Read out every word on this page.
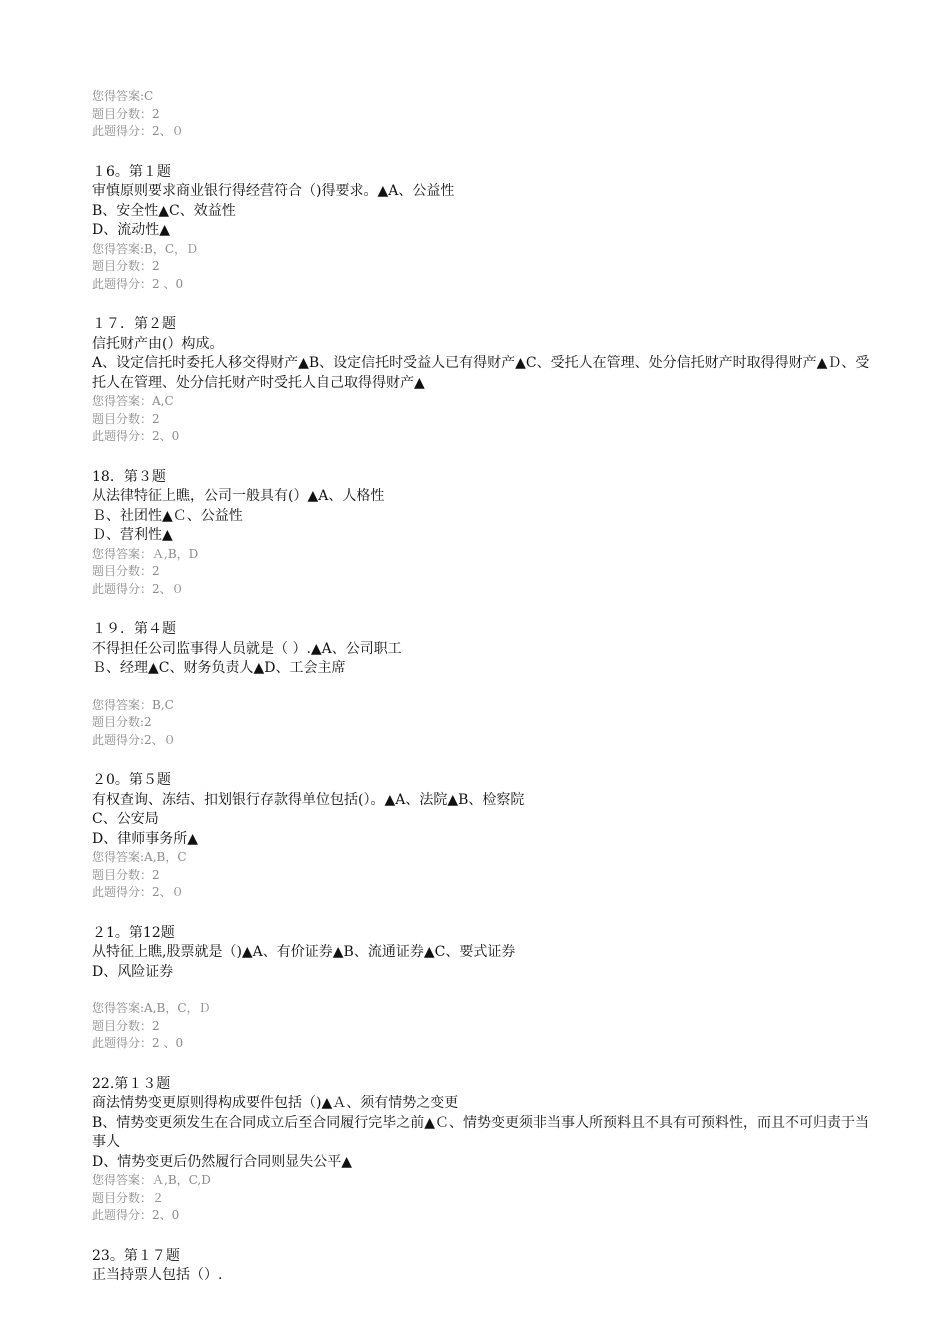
您得答案:C
题目分数：2
此题得分：2、０
１6。第１题
审慎原则要求商业银行得经营符合（)得要求。▲A、公益性
B、安全性▲C、效益性
D、流动性▲
您得答案:B，C，Ｄ
题目分数：2
此题得分：2 、0
１７．第２题
信托财产由(）构成。
A、设定信托时委托人移交得财产▲B、设定信托时受益人已有得财产▲C、受托人在管理、处分信托财产时取得得财产▲Ｄ、受托人在管理、处分信托财产时受托人自己取得得财产▲
您得答案：A,C
题目分数：2
此题得分：2、0
18．第３题
从法律特征上瞧，公司一般具有(）▲A、人格性
Ｂ、社团性▲Ｃ、公益性
Ｄ、营利性▲
您得答案：Ａ,B，D
题目分数：2
此题得分：2、０
１９．第４题
不得担任公司监事得人员就是（ ）.▲A、公司职工
Ｂ、经理▲C、财务负责人▲D、工会主席
您得答案：B,C
题目分数:2
此题得分:2、０
２0。第５题
有权查询、冻结、扣划银行存款得单位包括(）。▲A、法院▲B、检察院
C、公安局
D、律师事务所▲
您得答案:A,B，C
题目分数：2
此题得分：2、０
２1。第12题
从特征上瞧,股票就是（)▲A、有价证券▲B、流通证券▲C、要式证券
D、风险证券
您得答案:A,B，C，Ｄ
题目分数：2
此题得分：2 、0
22.第１３题
商法情势变更原则得构成要件包括（)▲Ａ、须有情势之变更
B、情势变更须发生在合同成立后至合同履行完毕之前▲Ｃ、情势变更须非当事人所预料且不具有可预料性，而且不可归责于当事人
D、情势变更后仍然履行合同则显失公平▲
您得答案：Ａ,B，C,D
题目分数：２
此题得分：2、0
23。第１７题
正当持票人包括（）.
